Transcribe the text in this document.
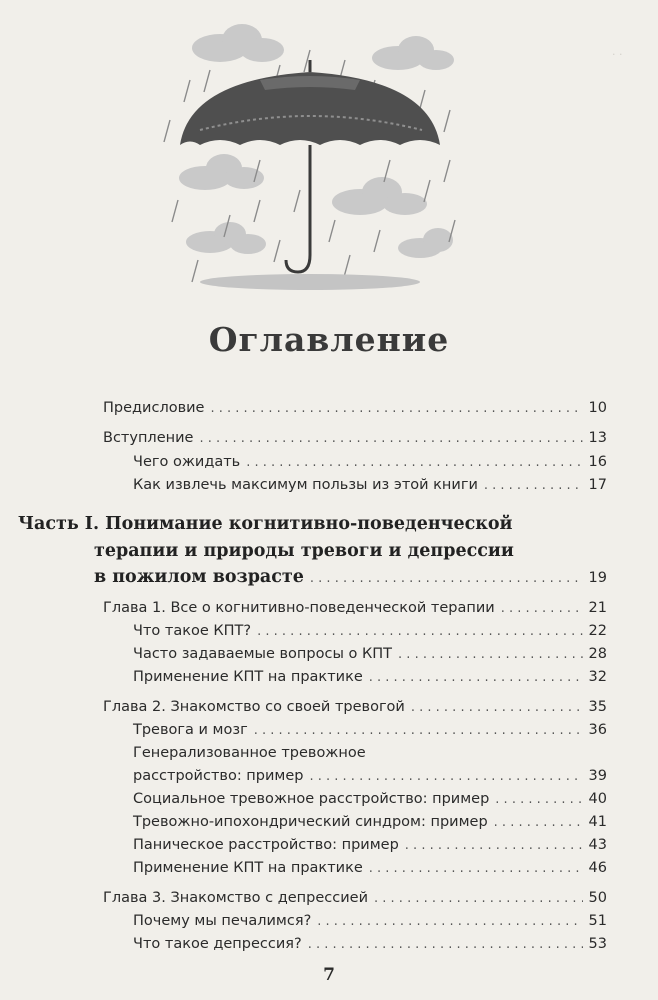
· ·
Оглавление
Предисловие . . .	10
Вступление . . .	13
Чего ожидать . . .	16
Как извлечь максимум пользы из этой книги . . .	17
Часть I. Понимание когнитивно-поведенческой
терапии и природы тревоги и депрессии
в пожилом возрасте . . .	19
Глава 1. Все о когнитивно-поведенческой терапии . . .	21
Что такое КПТ? . . .	22
Часто задаваемые вопросы о КПТ . . .	28
Применение КПТ на практике . . .	32
Глава 2. Знакомство со своей тревогой . . .	35
Тревога и мозг . . .	36
Генерализованное тревожное
расстройство: пример . . .	39
Социальное тревожное расстройство: пример . . .	40
Тревожно-ипохондрический синдром: пример . . .	41
Паническое расстройство: пример . . .	43
Применение КПТ на практике . . .	46
Глава 3. Знакомство с депрессией . . .	50
Почему мы печалимся? . . .	51
Что такое депрессия? . . .	53
7
